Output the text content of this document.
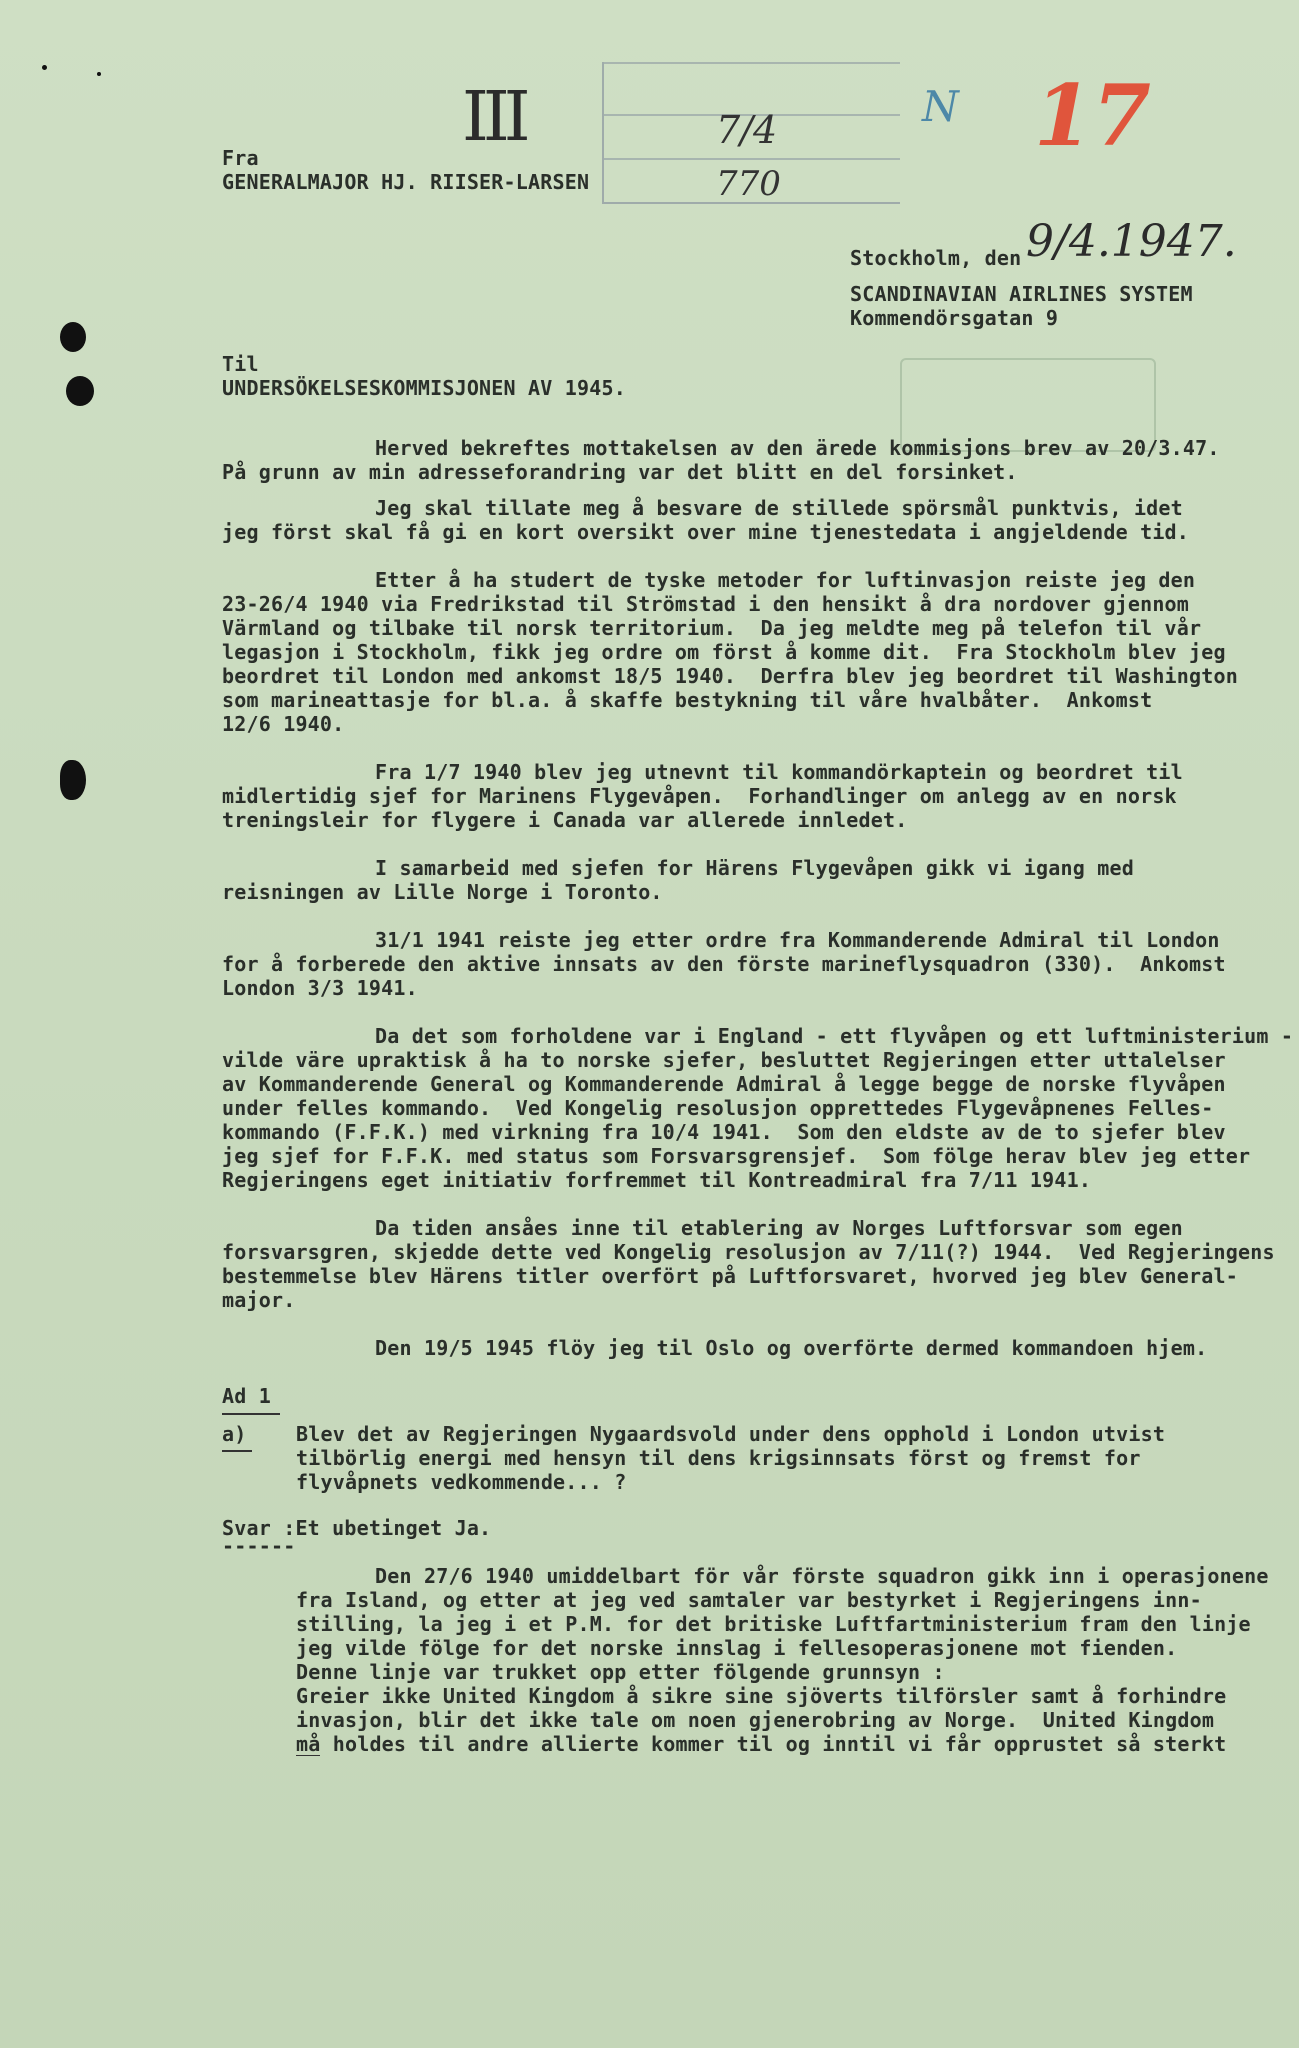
III	N 17
7/4
770
Fra
GENERALMAJOR HJ. RIISER-LARSEN
Stockholm, den 9/4.1947.
SCANDINAVIAN AIRLINES SYSTEM
Kommendörsgatan 9
Til
UNDERSÖKELSESKOMMISJONEN AV 1945.
Herved bekreftes mottakelsen av den ärede kommisjons brev av 20/3.47.
På grunn av min adresseforandring var det blitt en del forsinket.
Jeg skal tillate meg å besvare de stillede spörsmål punktvis, idet
jeg först skal få gi en kort oversikt over mine tjenestedata i angjeldende tid.
Etter å ha studert de tyske metoder for luftinvasjon reiste jeg den
23-26/4 1940 via Fredrikstad til Strömstad i den hensikt å dra nordover gjennom
Värmland og tilbake til norsk territorium.  Da jeg meldte meg på telefon til vår
legasjon i Stockholm, fikk jeg ordre om först å komme dit.  Fra Stockholm blev jeg
beordret til London med ankomst 18/5 1940.  Derfra blev jeg beordret til Washington
som marineattasje for bl.a. å skaffe bestykning til våre hvalbåter.  Ankomst
12/6 1940.
Fra 1/7 1940 blev jeg utnevnt til kommandörkaptein og beordret til
midlertidig sjef for Marinens Flygevåpen.  Forhandlinger om anlegg av en norsk
treningsleir for flygere i Canada var allerede innledet.
I samarbeid med sjefen for Härens Flygevåpen gikk vi igang med
reisningen av Lille Norge i Toronto.
31/1 1941 reiste jeg etter ordre fra Kommanderende Admiral til London
for å forberede den aktive innsats av den förste marineflysquadron (330).  Ankomst
London 3/3 1941.
Da det som forholdene var i England - ett flyvåpen og ett luftministerium -
vilde väre upraktisk å ha to norske sjefer, besluttet Regjeringen etter uttalelser
av Kommanderende General og Kommanderende Admiral å legge begge de norske flyvåpen
under felles kommando.  Ved Kongelig resolusjon opprettedes Flygevåpnenes Felles-
kommando (F.F.K.) med virkning fra 10/4 1941.  Som den eldste av de to sjefer blev
jeg sjef for F.F.K. med status som Forsvarsgrensjef.  Som fölge herav blev jeg etter
Regjeringens eget initiativ forfremmet til Kontreadmiral fra 7/11 1941.
Da tiden ansåes inne til etablering av Norges Luftforsvar som egen
forsvarsgren, skjedde dette ved Kongelig resolusjon av 7/11(?) 1944.  Ved Regjeringens
bestemmelse blev Härens titler overfört på Luftforsvaret, hvorved jeg blev General-
major.
Den 19/5 1945 flöy jeg til Oslo og overförte dermed kommandoen hjem.
Ad 1
a) Blev det av Regjeringen Nygaardsvold under dens opphold i London utvist
tilbörlig energi med hensyn til dens krigsinnsats först og fremst for
flyvåpnets vedkommende... ?
Svar :Et ubetinget Ja.
------
Den 27/6 1940 umiddelbart för vår förste squadron gikk inn i operasjonene
fra Island, og etter at jeg ved samtaler var bestyrket i Regjeringens inn-
stilling, la jeg i et P.M. for det britiske Luftfartministerium fram den linje
jeg vilde fölge for det norske innslag i fellesoperasjonene mot fienden.
Denne linje var trukket opp etter fölgende grunnsyn :
Greier ikke United Kingdom å sikre sine sjöverts tilförsler samt å forhindre
invasjon, blir det ikke tale om noen gjenerobring av Norge.  United Kingdom
må holdes til andre allierte kommer til og inntil vi får opprustet så sterkt
